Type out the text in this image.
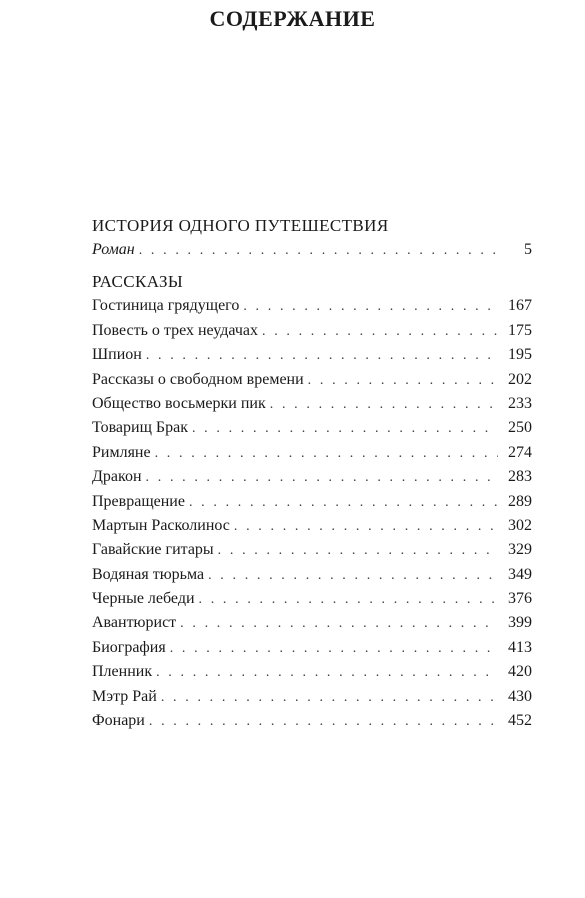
СОДЕРЖАНИЕ
ИСТОРИЯ ОДНОГО ПУТЕШЕСТВИЯ
Роман . . .	5
РАССКАЗЫ
Гостиница грядущего . . .	167
Повесть о трех неудачах . . .	175
Шпион . . .	195
Рассказы о свободном времени . . .	202
Общество восьмерки пик . . .	233
Товарищ Брак . . .	250
Римляне . . .	274
Дракон . . .	283
Превращение . . .	289
Мартын Расколинос . . .	302
Гавайские гитары . . .	329
Водяная тюрьма . . .	349
Черные лебеди . . .	376
Авантюрист . . .	399
Биография . . .	413
Пленник . . .	420
Мэтр Рай . . .	430
Фонари . . .	452
